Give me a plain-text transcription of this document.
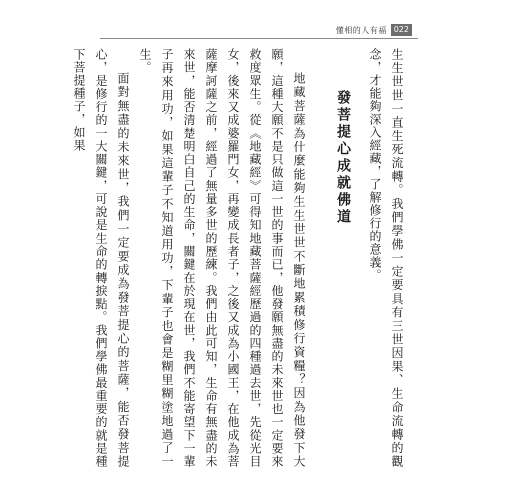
懂相的人有福 022

生生世世一直生死流轉。我們學佛一定要具有三世因果、生命流轉的觀念，才能夠深入經藏，了解修行的意義。

發菩提心成就佛道

地藏菩薩為什麼能夠生生世世不斷地累積修行資糧？因為他發下大願，這種大願不是只做這一世的事而已，他發願無盡的未來世也一定要來救度眾生。從《地藏經》可得知地藏菩薩經歷過的四種過去世，先從光目女，後來又成婆羅門女，再變成長者子，之後又成為小國王，在他成為菩薩摩訶薩之前，經過了無量多世的歷練。我們由此可知，生命有無盡的未來世，能否清楚明白自己的生命，關鍵在於現在世，我們不能寄望下一輩子再來用功，如果這輩子不知道用功，下輩子也會是糊里糊塗地過了一生。

面對無盡的未來世，我們一定要成為發菩提心的菩薩，能否發菩提心，是修行的一大關鍵，可說是生命的轉捩點。我們學佛最重要的就是種下菩提種子，如果
